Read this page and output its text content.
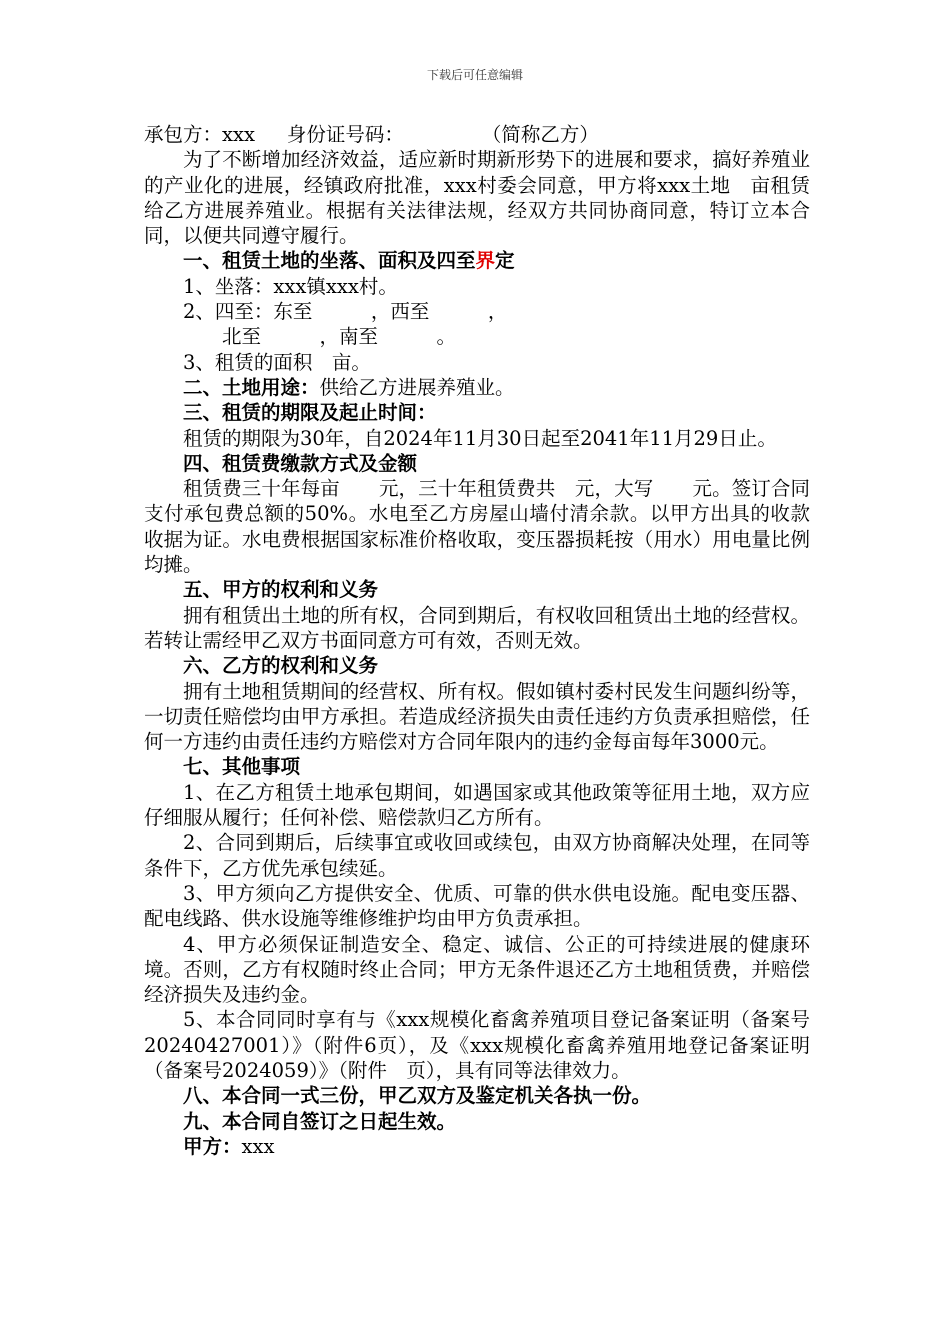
下载后可任意编辑

承包方：xxx 　 身份证号码：　　　　　（简称乙方）

为了不断增加经济效益，适应新时期新形势下的进展和要求，搞好养殖业的产业化的进展，经镇政府批准，xxx村委会同意，甲方将xxx土地　亩租赁给乙方进展养殖业。根据有关法律法规，经双方共同协商同意，特订立本合同，以便共同遵守履行。

一、租赁土地的坐落、面积及四至界定

1、坐落：xxx镇xxx村。

2、四至：东至　　　，西至　　　，

北至　　　，南至　　　。

3、租赁的面积　亩。

二、土地用途：供给乙方进展养殖业。

三、租赁的期限及起止时间：

租赁的期限为30年，自2024年11月30日起至2041年11月29日止。

四、租赁费缴款方式及金额

租赁费三十年每亩　　元，三十年租赁费共　元，大写　　元。签订合同支付承包费总额的50%。水电至乙方房屋山墙付清余款。以甲方出具的收款收据为证。水电费根据国家标准价格收取，变压器损耗按（用水）用电量比例均摊。

五、甲方的权利和义务

拥有租赁出土地的所有权，合同到期后，有权收回租赁出土地的经营权。若转让需经甲乙双方书面同意方可有效，否则无效。

六、乙方的权利和义务

拥有土地租赁期间的经营权、所有权。假如镇村委村民发生问题纠纷等，一切责任赔偿均由甲方承担。若造成经济损失由责任违约方负责承担赔偿，任何一方违约由责任违约方赔偿对方合同年限内的违约金每亩每年3000元。

七、其他事项

1、在乙方租赁土地承包期间，如遇国家或其他政策等征用土地，双方应仔细服从履行；任何补偿、赔偿款归乙方所有。

2、合同到期后，后续事宜或收回或续包，由双方协商解决处理，在同等条件下，乙方优先承包续延。

3、甲方须向乙方提供安全、优质、可靠的供水供电设施。配电变压器、配电线路、供水设施等维修维护均由甲方负责承担。

4、甲方必须保证制造安全、稳定、诚信、公正的可持续进展的健康环境。否则，乙方有权随时终止合同；甲方无条件退还乙方土地租赁费，并赔偿经济损失及违约金。

5、本合同同时享有与《xxx规模化畜禽养殖项目登记备案证明（备案号20240427001）》（附件6页），及《xxx规模化畜禽养殖用地登记备案证明（备案号2024059）》（附件　页），具有同等法律效力。

八、本合同一式三份，甲乙双方及鉴定机关各执一份。

九、本合同自签订之日起生效。

甲方：xxx
